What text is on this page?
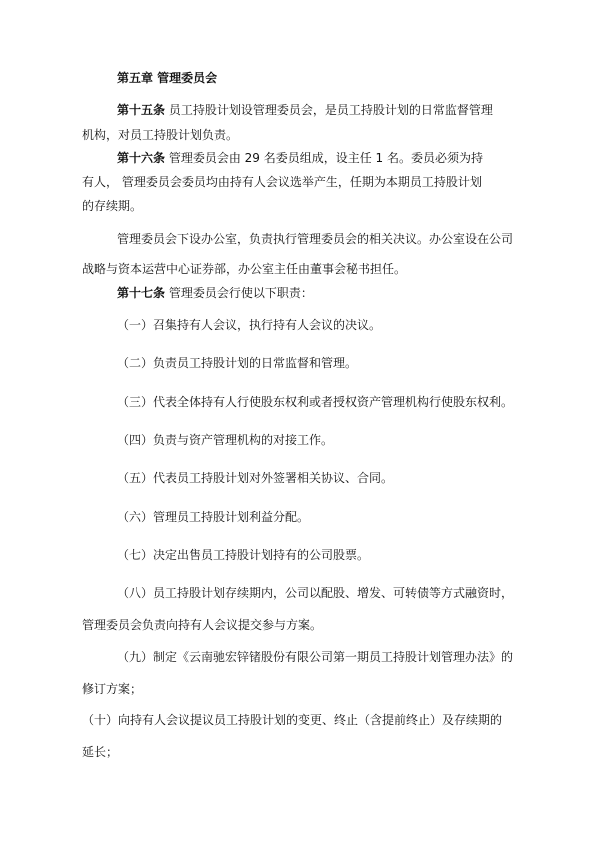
第五章 管理委员会
第十五条 员工持股计划设管理委员会，是员工持股计划的日常监督管理
机构，对员工持股计划负责。
第十六条 管理委员会由 29 名委员组成，设主任 1 名。委员必须为持
有人， 管理委员会委员均由持有人会议选举产生，任期为本期员工持股计划
的存续期。
管理委员会下设办公室，负责执行管理委员会的相关决议。办公室设在公司
战略与资本运营中心证券部，办公室主任由董事会秘书担任。
第十七条 管理委员会行使以下职责：
（一）召集持有人会议，执行持有人会议的决议。
（二）负责员工持股计划的日常监督和管理。
（三）代表全体持有人行使股东权利或者授权资产管理机构行使股东权利。
（四）负责与资产管理机构的对接工作。
（五）代表员工持股计划对外签署相关协议、合同。
（六）管理员工持股计划利益分配。
（七）决定出售员工持股计划持有的公司股票。
（八）员工持股计划存续期内，公司以配股、增发、可转债等方式融资时，
管理委员会负责向持有人会议提交参与方案。
（九）制定《云南驰宏锌锗股份有限公司第一期员工持股计划管理办法》的
修订方案；
（十）向持有人会议提议员工持股计划的变更、终止（含提前终止）及存续期的
延长；
